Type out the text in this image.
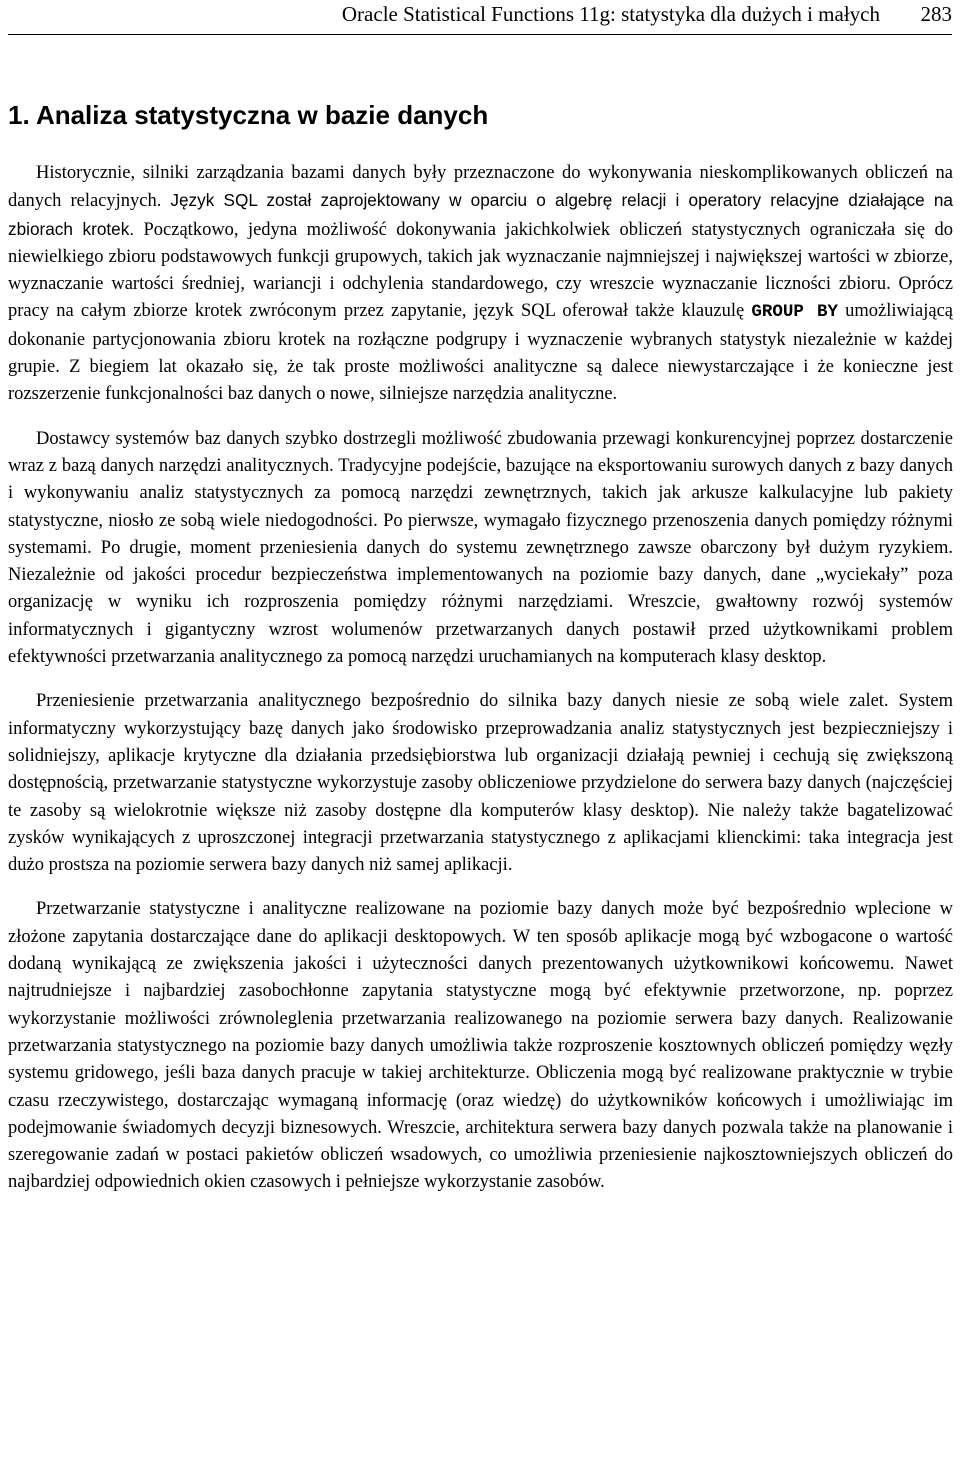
Oracle Statistical Functions 11g: statystyka dla dużych i małych 283
1. Analiza statystyczna w bazie danych

Historycznie, silniki zarządzania bazami danych były przeznaczone do wykonywania nieskomplikowanych obliczeń na danych relacyjnych. Język SQL został zaprojektowany w oparciu o algebrę relacji i operatory relacyjne działające na zbiorach krotek. Początkowo, jedyna możliwość dokonywania jakichkolwiek obliczeń statystycznych ograniczała się do niewielkiego zbioru podstawowych funkcji grupowych, takich jak wyznaczanie najmniejszej i największej wartości w zbiorze, wyznaczanie wartości średniej, wariancji i odchylenia standardowego, czy wreszcie wyznaczanie liczności zbioru. Oprócz pracy na całym zbiorze krotek zwróconym przez zapytanie, język SQL oferował także klauzulę GROUP BY umożliwiającą dokonanie partycjonowania zbioru krotek na rozłączne podgrupy i wyznaczenie wybranych statystyk niezależnie w każdej grupie. Z biegiem lat okazało się, że tak proste możliwości analityczne są dalece niewystarczające i że konieczne jest rozszerzenie funkcjonalności baz danych o nowe, silniejsze narzędzia analityczne.

Dostawcy systemów baz danych szybko dostrzegli możliwość zbudowania przewagi konkurencyjnej poprzez dostarczenie wraz z bazą danych narzędzi analitycznych. Tradycyjne podejście, bazujące na eksportowaniu surowych danych z bazy danych i wykonywaniu analiz statystycznych za pomocą narzędzi zewnętrznych, takich jak arkusze kalkulacyjne lub pakiety statystyczne, niosło ze sobą wiele niedogodności. Po pierwsze, wymagało fizycznego przenoszenia danych pomiędzy różnymi systemami. Po drugie, moment przeniesienia danych do systemu zewnętrznego zawsze obarczony był dużym ryzykiem. Niezależnie od jakości procedur bezpieczeństwa implementowanych na poziomie bazy danych, dane „wyciekały” poza organizację w wyniku ich rozproszenia pomiędzy różnymi narzędziami. Wreszcie, gwałtowny rozwój systemów informatycznych i gigantyczny wzrost wolumenów przetwarzanych danych postawił przed użytkownikami problem efektywności przetwarzania analitycznego za pomocą narzędzi uruchamianych na komputerach klasy desktop.

Przeniesienie przetwarzania analitycznego bezpośrednio do silnika bazy danych niesie ze sobą wiele zalet. System informatyczny wykorzystujący bazę danych jako środowisko przeprowadzania analiz statystycznych jest bezpieczniejszy i solidniejszy, aplikacje krytyczne dla działania przedsiębiorstwa lub organizacji działają pewniej i cechują się zwiększoną dostępnością, przetwarzanie statystyczne wykorzystuje zasoby obliczeniowe przydzielone do serwera bazy danych (najczęściej te zasoby są wielokrotnie większe niż zasoby dostępne dla komputerów klasy desktop). Nie należy także bagatelizować zysków wynikających z uproszczonej integracji przetwarzania statystycznego z aplikacjami klienckimi: taka integracja jest dużo prostsza na poziomie serwera bazy danych niż samej aplikacji.

Przetwarzanie statystyczne i analityczne realizowane na poziomie bazy danych może być bezpośrednio wplecione w złożone zapytania dostarczające dane do aplikacji desktopowych. W ten sposób aplikacje mogą być wzbogacone o wartość dodaną wynikającą ze zwiększenia jakości i użyteczności danych prezentowanych użytkownikowi końcowemu. Nawet najtrudniejsze i najbardziej zasobochłonne zapytania statystyczne mogą być efektywnie przetworzone, np. poprzez wykorzystanie możliwości zrównoleglenia przetwarzania realizowanego na poziomie serwera bazy danych. Realizowanie przetwarzania statystycznego na poziomie bazy danych umożliwia także rozproszenie kosztownych obliczeń pomiędzy węzły systemu gridowego, jeśli baza danych pracuje w takiej architekturze. Obliczenia mogą być realizowane praktycznie w trybie czasu rzeczywistego, dostarczając wymaganą informację (oraz wiedzę) do użytkowników końcowych i umożliwiając im podejmowanie świadomych decyzji biznesowych. Wreszcie, architektura serwera bazy danych pozwala także na planowanie i szeregowanie zadań w postaci pakietów obliczeń wsadowych, co umożliwia przeniesienie najkosztowniejszych obliczeń do najbardziej odpowiednich okien czasowych i pełniejsze wykorzystanie zasobów.
